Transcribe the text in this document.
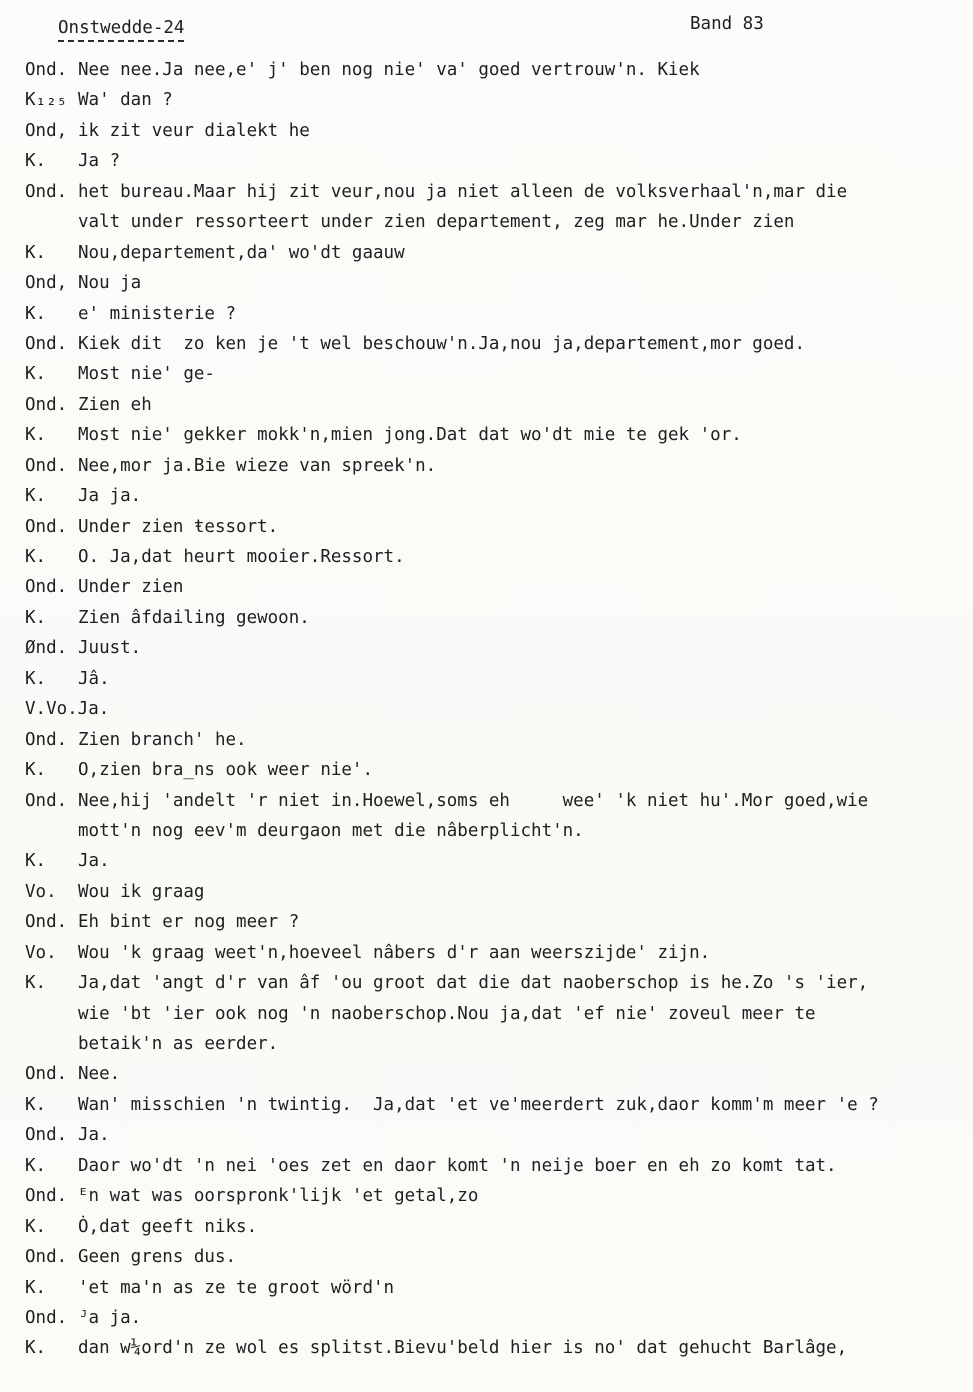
Onstwedde-24	Band 83
Ond. Nee nee.Ja nee,e' j' ben nog nie' va' goed vertrouw'n. Kiek
K₁₂₅ Wa' dan ?
Ond, ik zit veur dialekt he
K.	Ja ?
Ond. het bureau.Maar hij zit veur,nou ja niet alleen de volksverhaal'n,mar die
valt under ressorteert under zien departement, zeg mar he.Under zien
K.	Nou,departement,da' wo'dt gaauw
Ond, Nou ja
K.	e' ministerie ?
Ond. Kiek dit  zo ken je 't wel beschouw'n.Ja,nou ja,departement,mor goed.
K.	Most nie' ge-
Ond. Zien eh
K.	Most nie' gekker mokk'n,mien jong.Dat dat wo'dt mie te gek 'or.
Ond. Nee,mor ja.Bie wieze van spreek'n.
K.	Ja ja.
Ond. Under zien ŧessort.
K.	O. Ja,dat heurt mooier.Ressort.
Ond. Under zien
K.	Zien âfdailing gewoon.
Ønd. Juust.
K.	Jâ.
V.Vo.Ja.
Ond. Zien branch' he.
K.	O,zien bra̲ns ook weer nie'.
Ond. Nee,hij 'andelt 'r niet in.Hoewel,soms eh     wee' 'k niet hu'.Mor goed,wie
mott'n nog eev'm deurgaon met die nâberplicht'n.
K.	Ja.
Vo.	Wou ik graag
Ond. Eh bint er nog meer ?
Vo.	Wou 'k graag weet'n,hoeveel nâbers d'r aan weerszijde' zijn.
K.	Ja,dat 'angt d'r van âf 'ou groot dat die dat naoberschop is he.Zo 's 'ier,
wie 'bt 'ier ook nog 'n naoberschop.Nou ja,dat 'ef nie' zoveul meer te
betaik'n as eerder.
Ond. Nee.
K.	Wan' misschien 'n twintig.  Ja,dat 'et ve'meerdert zuk,daor komm'm meer 'e ?
Ond. Ja.
K.	Daor wo'dt 'n nei 'oes zet en daor komt 'n neije boer en eh zo komt tat.
Ond. ᴱn wat was oorspronk'lijk 'et getal,zo
K.	Ȯ,dat geeft niks.
Ond. Geen grens dus.
K.	'et ma'n as ze te groot wörd'n
Ond. ᴶa ja.
K.	dan w¼ord'n ze wol es splitst.Bievu'beld hier is no' dat gehucht Barlâge,
